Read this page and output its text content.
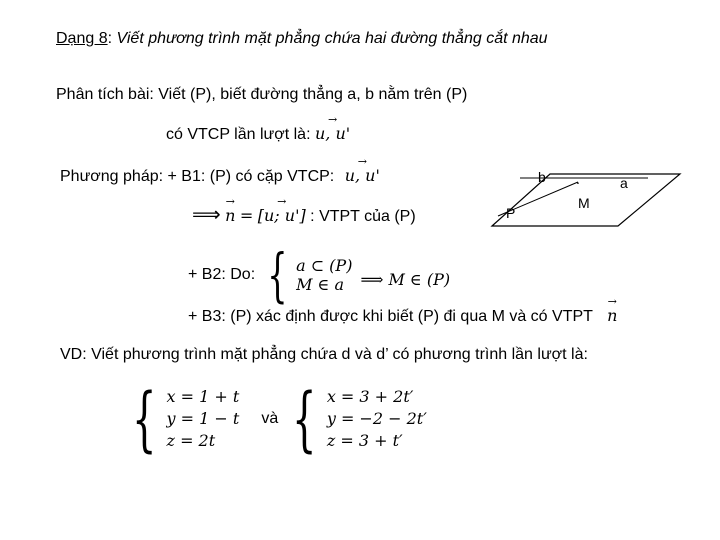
Dạng 8: Viết phương trình mặt phẳng chứa hai đường thẳng cắt nhau
Phân tích bài: Viết (P), biết đường thẳng a, b nằm trên (P)
có VTCP lần lượt là: → u, u'
Phương pháp: + B1: (P) có cặp VTCP: → u, u'
⟹ → n = → [u; u'] : VTPT của (P)
+ B2: Do: { a ⊂ (P)
M ∈ a	⟹ M ∈ (P)
+ B3: (P) xác định được khi biết (P) đi qua M và có VTPT → n
b	a
.
M
P
VD: Viết phương trình mặt phẳng chứa d và d’ có phương trình lần lượt là:
{ x = 1 + t
y = 1 − t
z = 2t
và { x = 3 + 2t′
y = −2 − 2t′
z = 3 + t′
